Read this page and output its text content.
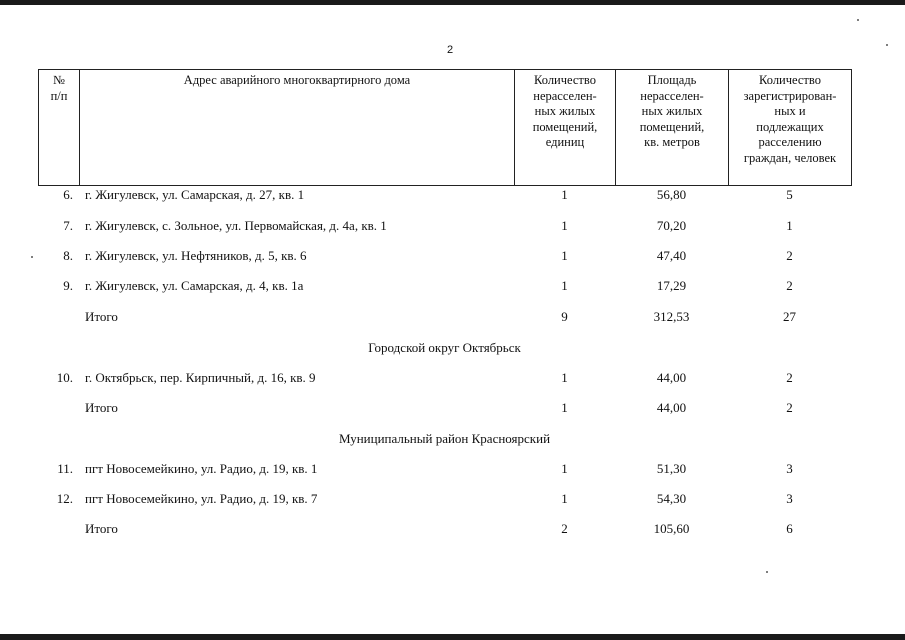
2
№
п/п	Адрес аварийного многоквартирного дома	Количество
нерасселен-
ных жилых
помещений,
единиц	Площадь
нерасселен-
ных жилых
помещений,
кв. метров	Количество
зарегистрирован-
ных и
подлежащих
расселению
граждан, человек
6. г. Жигулевск, ул. Самарская, д. 27, кв. 1	1	56,80	5
7. г. Жигулевск, с. Зольное, ул. Первомайская, д. 4а, кв. 1	1	70,20	1
8. г. Жигулевск, ул. Нефтяников, д. 5, кв. 6	1	47,40	2
9. г. Жигулевск, ул. Самарская, д. 4, кв. 1а	1	17,29	2
Итого	9	312,53	27
Городской округ Октябрьск
10. г. Октябрьск, пер. Кирпичный, д. 16, кв. 9	1	44,00	2
Итого	1	44,00	2
Муниципальный район Красноярский
11. пгт Новосемейкино, ул. Радио, д. 19, кв. 1	1	51,30	3
12. пгт Новосемейкино, ул. Радио, д. 19, кв. 7	1	54,30	3
Итого	2	105,60	6
